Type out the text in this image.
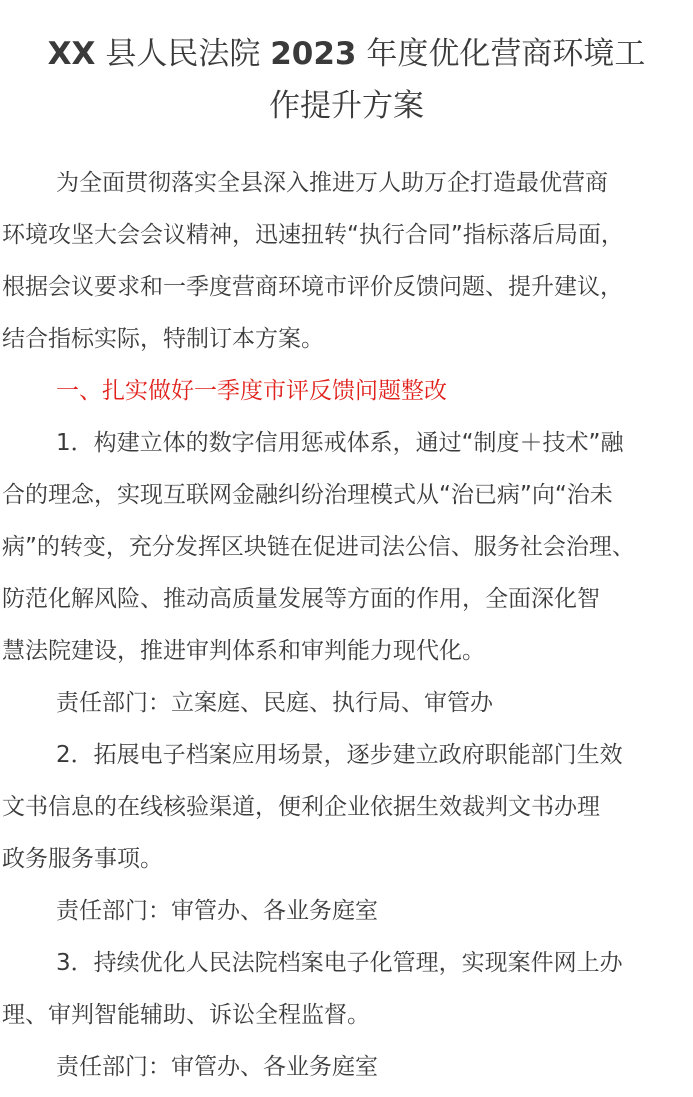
XX 县人民法院 2023 年度优化营商环境工
作提升方案

为全面贯彻落实全县深入推进万人助万企打造最优营商
环境攻坚大会会议精神，迅速扭转“执行合同”指标落后局面，
根据会议要求和一季度营商环境市评价反馈问题、提升建议，
结合指标实际，特制订本方案。

一、扎实做好一季度市评反馈问题整改

1．构建立体的数字信用惩戒体系，通过“制度＋技术”融
合的理念，实现互联网金融纠纷治理模式从“治已病”向“治未
病”的转变，充分发挥区块链在促进司法公信、服务社会治理、
防范化解风险、推动高质量发展等方面的作用，全面深化智
慧法院建设，推进审判体系和审判能力现代化。

责任部门：立案庭、民庭、执行局、审管办

2．拓展电子档案应用场景，逐步建立政府职能部门生效
文书信息的在线核验渠道，便利企业依据生效裁判文书办理
政务服务事项。

责任部门：审管办、各业务庭室

3．持续优化人民法院档案电子化管理，实现案件网上办
理、审判智能辅助、诉讼全程监督。

责任部门：审管办、各业务庭室
